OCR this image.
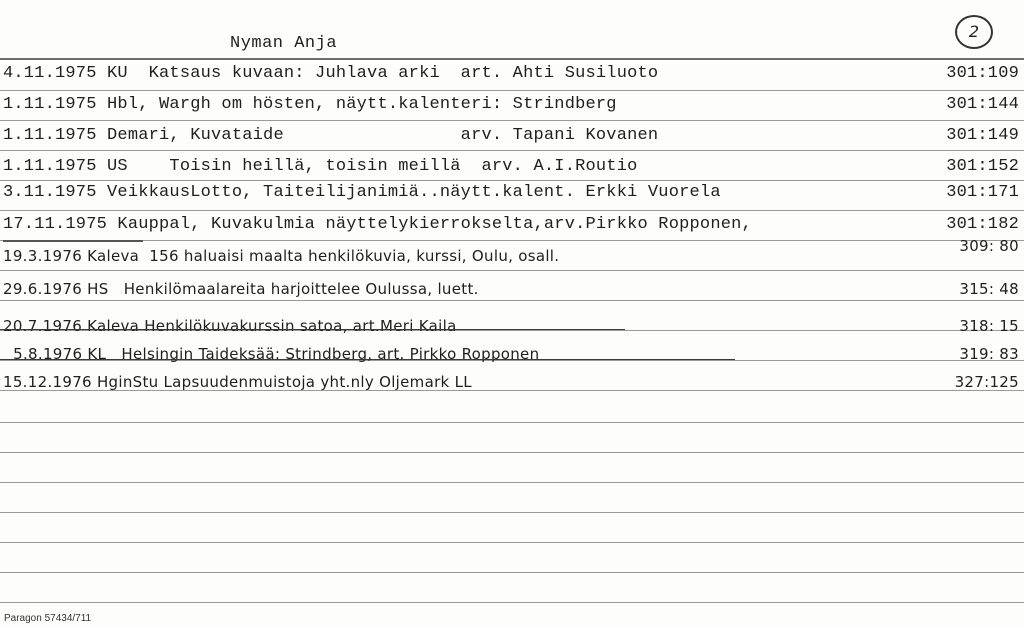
Nyman Anja
2

4.11.1975 KU  Katsaus kuvaan: Juhlava arki  art. Ahti Susiluoto

	301:109

1.11.1975 Hbl, Wargh om hösten, näytt.kalenteri: Strindberg

	301:144

1.11.1975 Demari, Kuvataide                 arv. Tapani Kovanen

	301:149

1.11.1975 US    Toisin heillä, toisin meillä  arv. A.I.Routio

	301:152

3.11.1975 VeikkausLotto, Taiteilijanimiä..näytt.kalent. Erkki Vuorela

	301:171

17.11.1975 Kauppal, Kuvakulmia näyttelykierrokselta,arv.Pirkko Ropponen,

	301:182

19.3.1976 Kaleva  156 haluaisi maalta henkilökuvia, kurssi, Oulu, osall.

309: 80

29.6.1976 HS   Henkilömaalareita harjoittelee Oulussa, luett.

	315: 48

20.7.1976 Kaleva Henkilökuvakurssin satoa, art.Meri Kaila

	318: 15

5.8.1976 KL   Helsingin Taideksää: Strindberg, art. Pirkko Ropponen

	319: 83

15.12.1976 HginStu Lapsuudenmuistoja yht.nly Oljemark LL

	327:125

Paragon 57434/711
